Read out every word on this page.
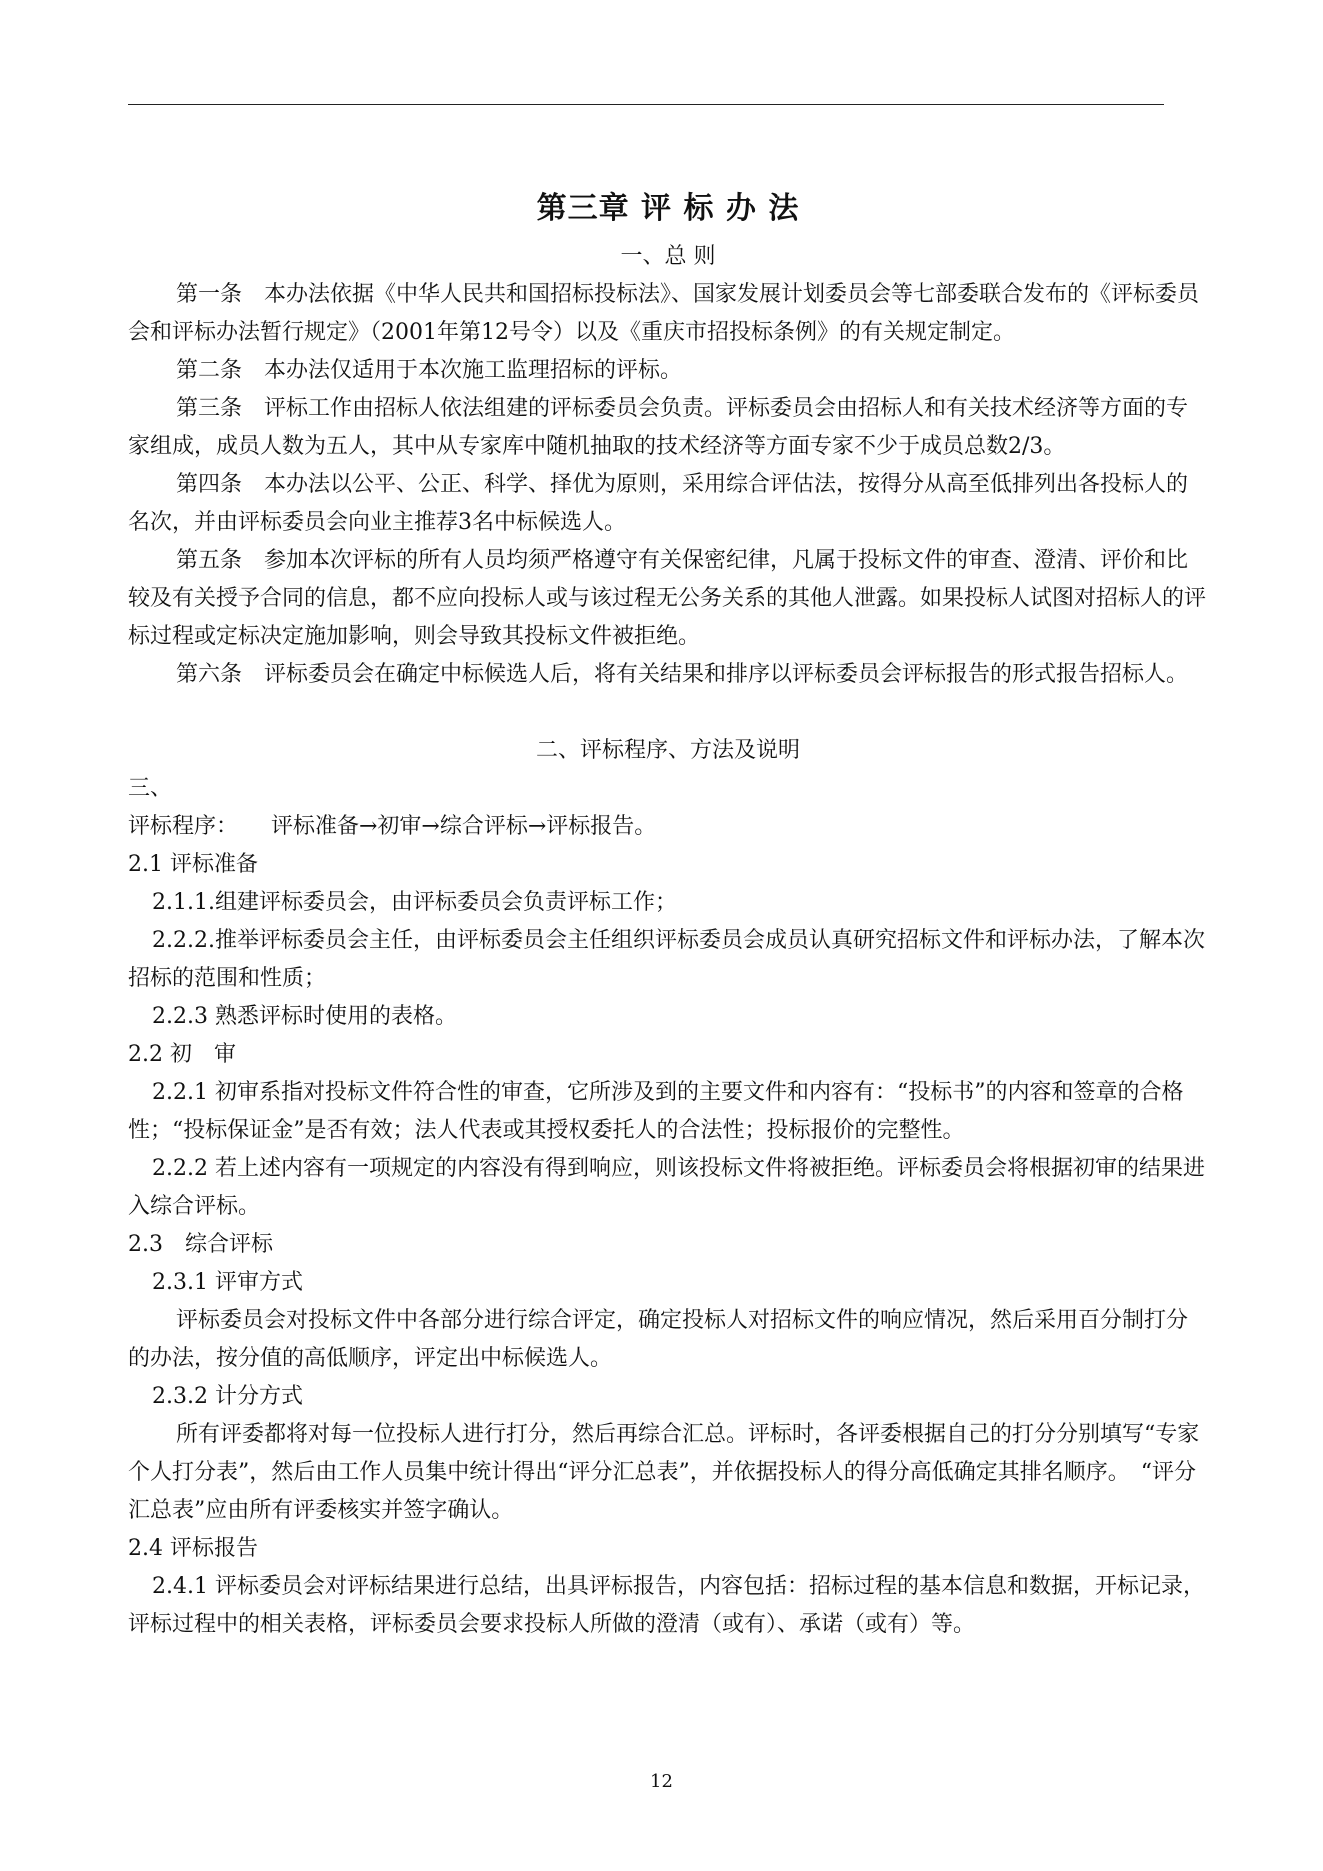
第三章 评 标 办 法

一、总 则

第一条　本办法依据《中华人民共和国招标投标法》、国家发展计划委员会等七部委联合发布的《评标委员会和评标办法暂行规定》（2001年第12号令）以及《重庆市招投标条例》的有关规定制定。

第二条　本办法仅适用于本次施工监理招标的评标。

第三条　评标工作由招标人依法组建的评标委员会负责。评标委员会由招标人和有关技术经济等方面的专家组成，成员人数为五人，其中从专家库中随机抽取的技术经济等方面专家不少于成员总数2/3。

第四条　本办法以公平、公正、科学、择优为原则，采用综合评估法，按得分从高至低排列出各投标人的名次，并由评标委员会向业主推荐3名中标候选人。

第五条　参加本次评标的所有人员均须严格遵守有关保密纪律，凡属于投标文件的审查、澄清、评价和比较及有关授予合同的信息，都不应向投标人或与该过程无公务关系的其他人泄露。如果投标人试图对招标人的评标过程或定标决定施加影响，则会导致其投标文件被拒绝。

第六条　评标委员会在确定中标候选人后，将有关结果和排序以评标委员会评标报告的形式报告招标人。

二、评标程序、方法及说明

三、

评标程序：　　评标准备→初审→综合评标→评标报告。

2.1 评标准备

2.1.1.组建评标委员会，由评标委员会负责评标工作；

2.2.2.推举评标委员会主任，由评标委员会主任组织评标委员会成员认真研究招标文件和评标办法，了解本次招标的范围和性质；

2.2.3 熟悉评标时使用的表格。

2.2 初　审

2.2.1 初审系指对投标文件符合性的审查，它所涉及到的主要文件和内容有：“投标书”的内容和签章的合格性；“投标保证金”是否有效；法人代表或其授权委托人的合法性；投标报价的完整性。

2.2.2 若上述内容有一项规定的内容没有得到响应，则该投标文件将被拒绝。评标委员会将根据初审的结果进入综合评标。

2.3　综合评标

2.3.1 评审方式

评标委员会对投标文件中各部分进行综合评定，确定投标人对招标文件的响应情况，然后采用百分制打分的办法，按分值的高低顺序，评定出中标候选人。

2.3.2 计分方式

所有评委都将对每一位投标人进行打分，然后再综合汇总。评标时，各评委根据自己的打分分别填写“专家个人打分表”，然后由工作人员集中统计得出“评分汇总表”，并依据投标人的得分高低确定其排名顺序。　“评分汇总表”应由所有评委核实并签字确认。

2.4 评标报告

2.4.1 评标委员会对评标结果进行总结，出具评标报告，内容包括：招标过程的基本信息和数据，开标记录，评标过程中的相关表格，评标委员会要求投标人所做的澄清（或有）、承诺（或有）等。

12
